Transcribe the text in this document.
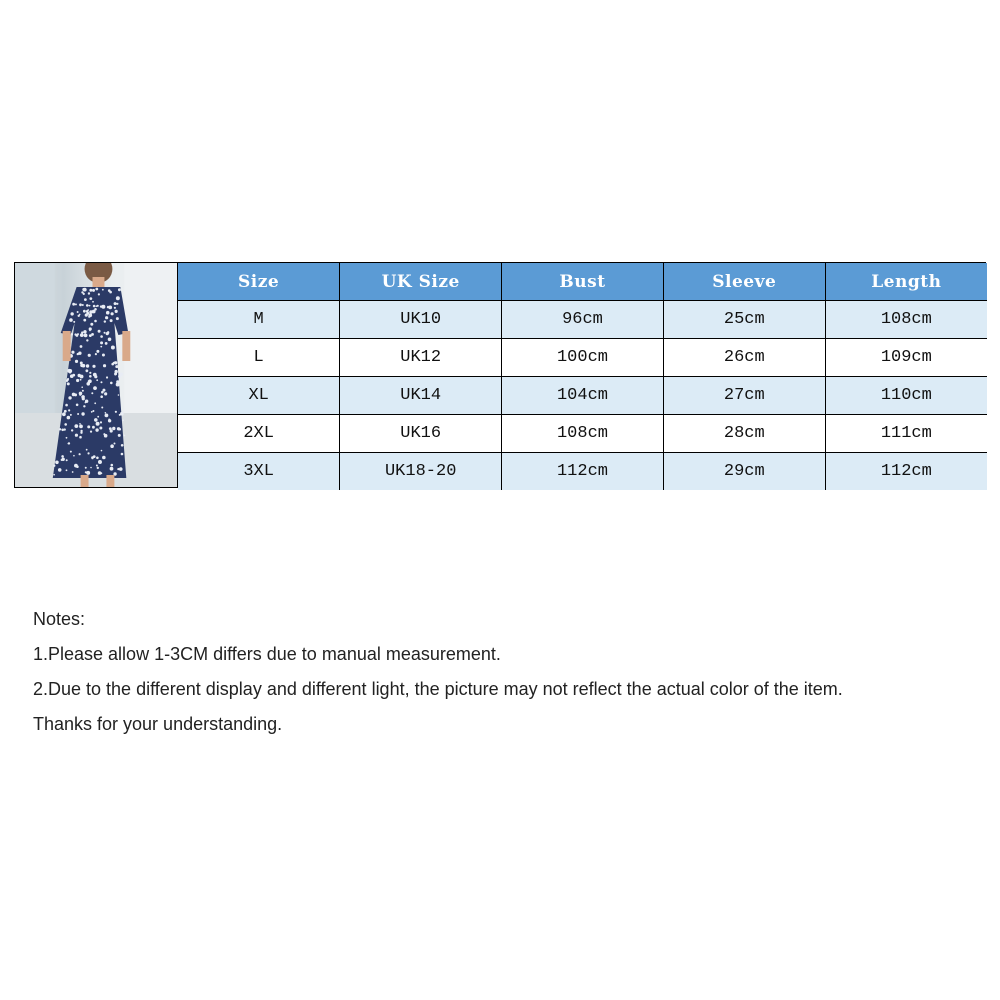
Size	UK Size	Bust	Sleeve	Length
M	UK10	96cm	25cm	108cm
L	UK12	100cm	26cm	109cm
XL	UK14	104cm	27cm	110cm
2XL	UK16	108cm	28cm	111cm
3XL	UK18-20	112cm	29cm	112cm

Notes:

1.Please allow 1-3CM differs due to manual measurement.

2.Due to the different display and different light, the picture may not reflect the actual color of the item.

Thanks for your understanding.
